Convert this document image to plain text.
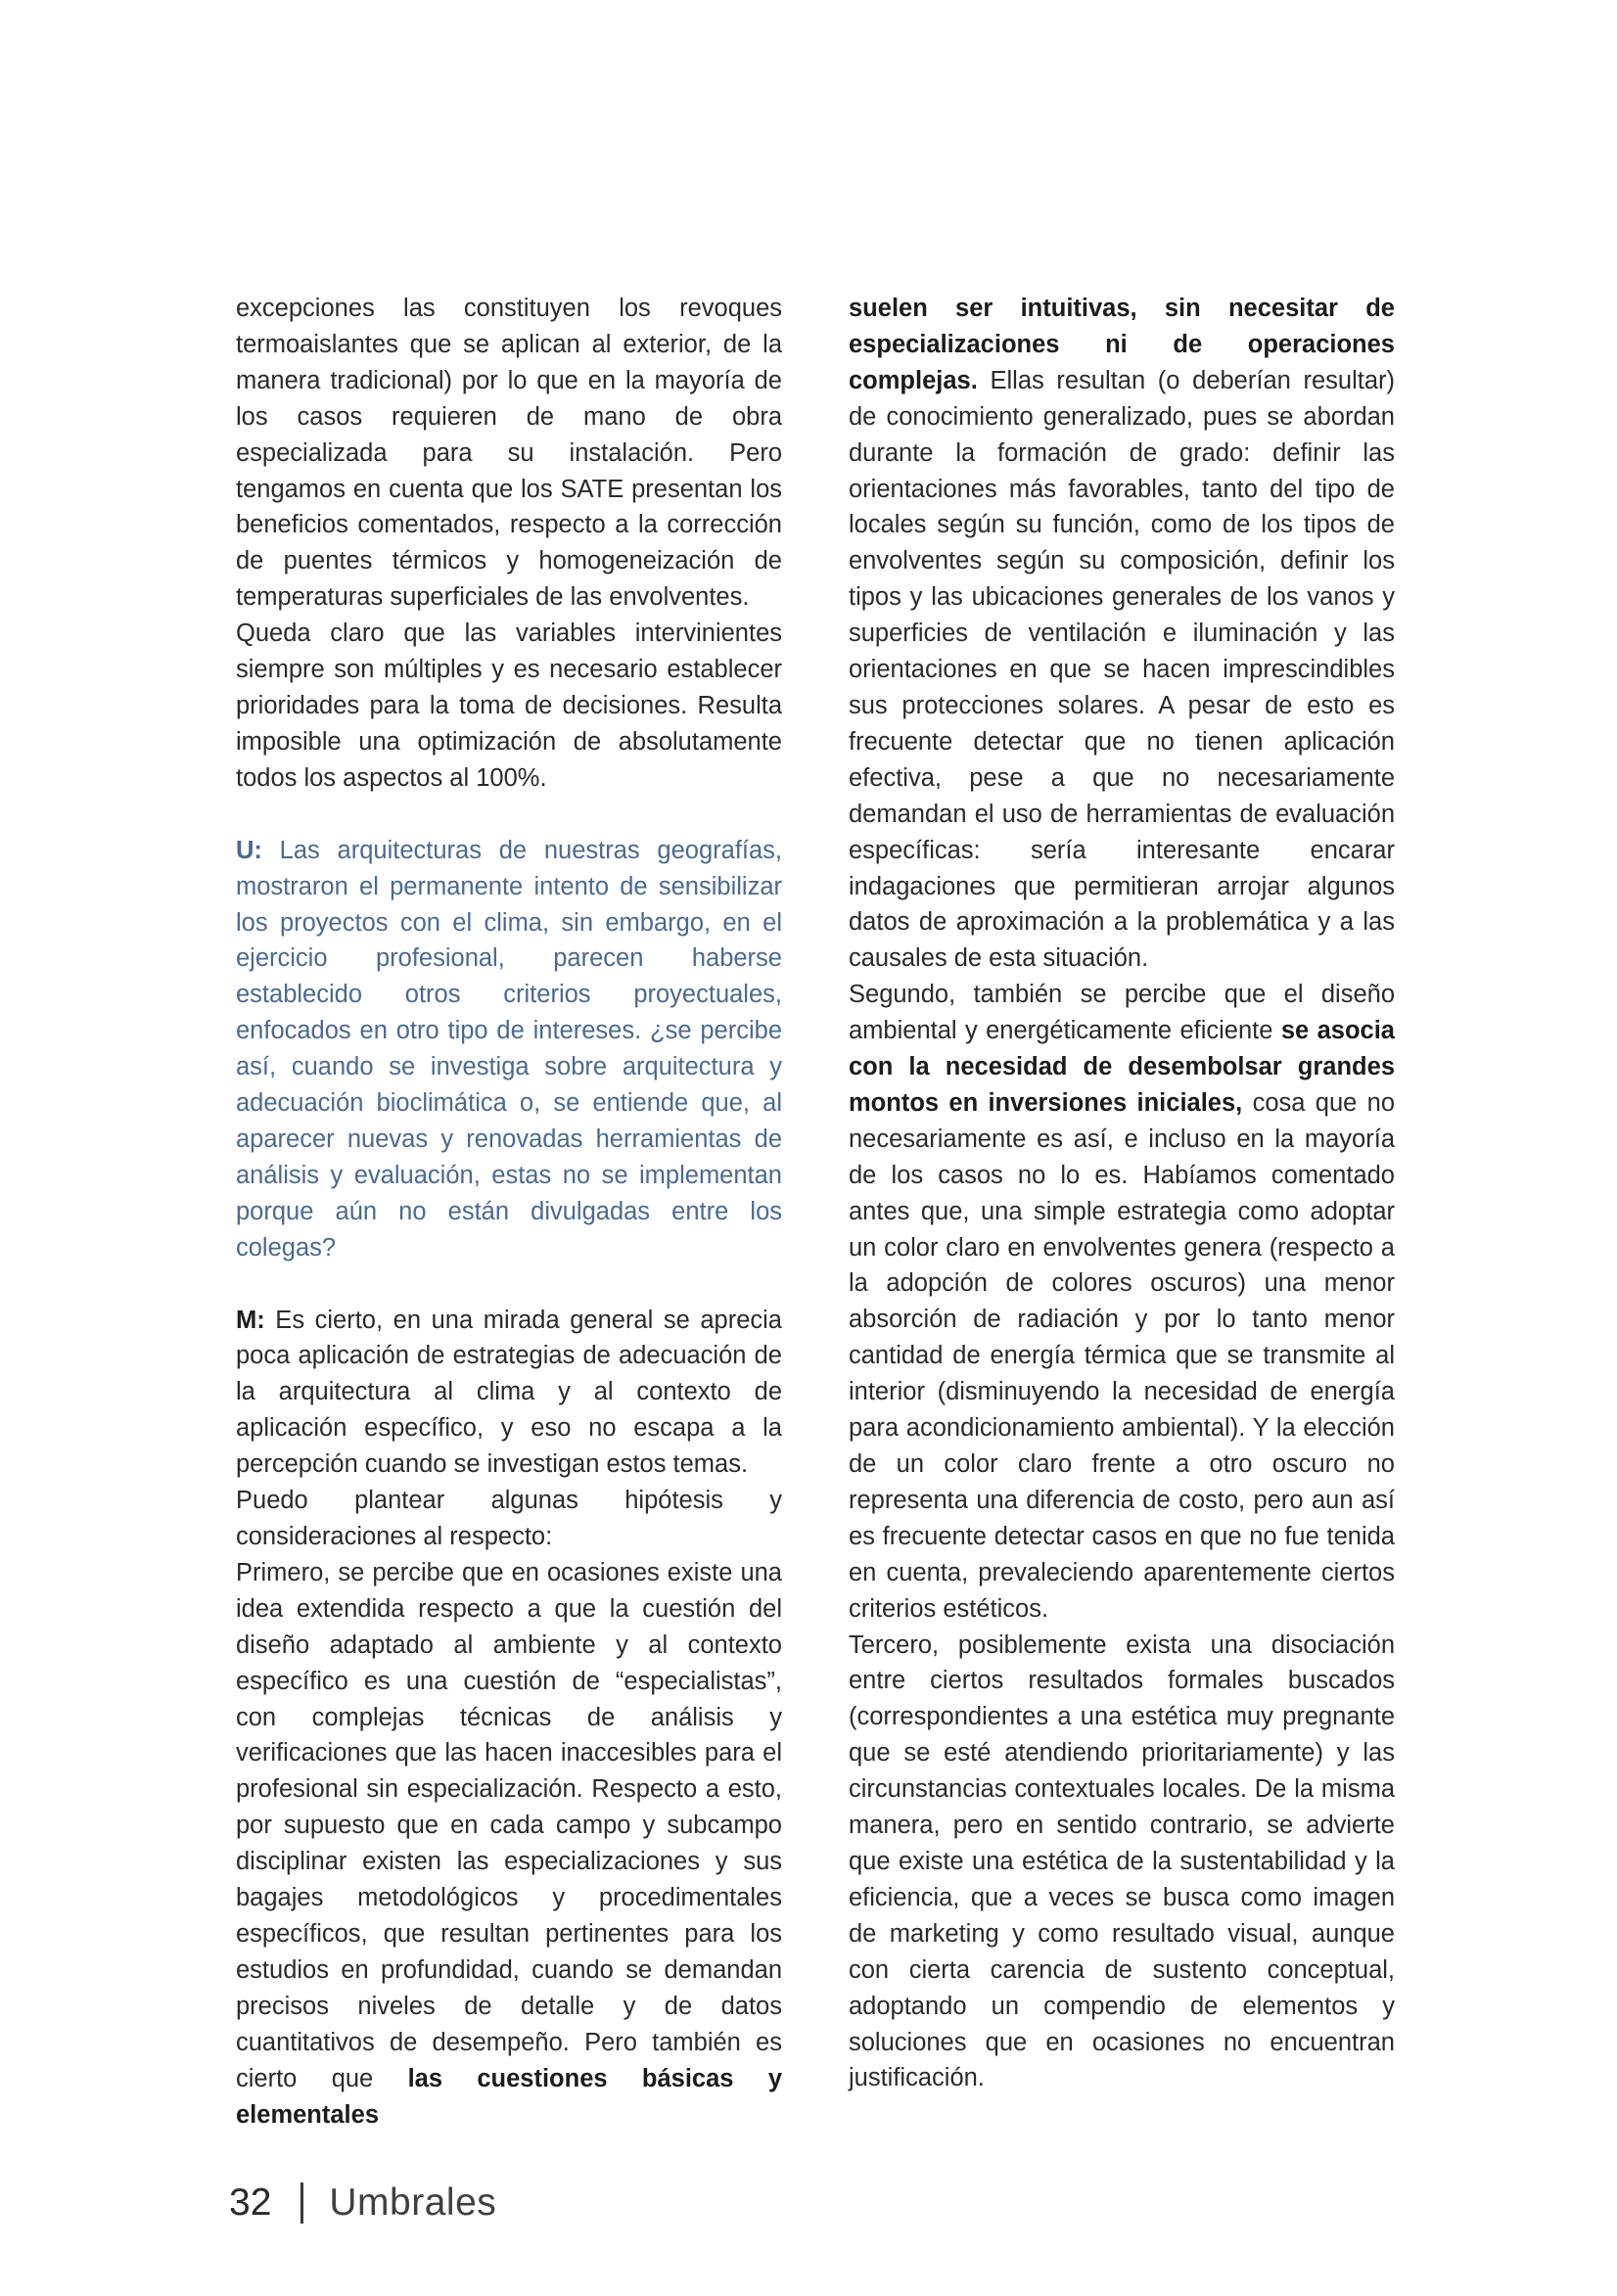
excepciones las constituyen los revoques termoaislantes que se aplican al exterior, de la manera tradicional) por lo que en la mayoría de los casos requieren de mano de obra especializada para su instalación. Pero tengamos en cuenta que los SATE presentan los beneficios comentados, respecto a la corrección de puentes térmicos y homogeneización de temperaturas superficiales de las envolventes.

Queda claro que las variables intervinientes siempre son múltiples y es necesario establecer prioridades para la toma de decisiones. Resulta imposible una optimización de absolutamente todos los aspectos al 100%.

U: Las arquitecturas de nuestras geografías, mostraron el permanente intento de sensibilizar los proyectos con el clima, sin embargo, en el ejercicio profesional, parecen haberse establecido otros criterios proyectuales, enfocados en otro tipo de intereses. ¿se percibe así, cuando se investiga sobre arquitectura y adecuación bioclimática o, se entiende que, al aparecer nuevas y renovadas herramientas de análisis y evaluación, estas no se implementan porque aún no están divulgadas entre los colegas?

M: Es cierto, en una mirada general se aprecia poca aplicación de estrategias de adecuación de la arquitectura al clima y al contexto de aplicación específico, y eso no escapa a la percepción cuando se investigan estos temas.

Puedo plantear algunas hipótesis y consideraciones al respecto:

Primero, se percibe que en ocasiones existe una idea extendida respecto a que la cuestión del diseño adaptado al ambiente y al contexto específico es una cuestión de “especialistas”, con complejas técnicas de análisis y verificaciones que las hacen inaccesibles para el profesional sin especialización. Respecto a esto, por supuesto que en cada campo y subcampo disciplinar existen las especializaciones y sus bagajes metodológicos y procedimentales específicos, que resultan pertinentes para los estudios en profundidad, cuando se demandan precisos niveles de detalle y de datos cuantitativos de desempeño. Pero también es cierto que las cuestiones básicas y elementales

suelen ser intuitivas, sin necesitar de especializaciones ni de operaciones complejas. Ellas resultan (o deberían resultar) de conocimiento generalizado, pues se abordan durante la formación de grado: definir las orientaciones más favorables, tanto del tipo de locales según su función, como de los tipos de envolventes según su composición, definir los tipos y las ubicaciones generales de los vanos y superficies de ventilación e iluminación y las orientaciones en que se hacen imprescindibles sus protecciones solares. A pesar de esto es frecuente detectar que no tienen aplicación efectiva, pese a que no necesariamente demandan el uso de herramientas de evaluación específicas: sería interesante encarar indagaciones que permitieran arrojar algunos datos de aproximación a la problemática y a las causales de esta situación.

Segundo, también se percibe que el diseño ambiental y energéticamente eficiente se asocia con la necesidad de desembolsar grandes montos en inversiones iniciales, cosa que no necesariamente es así, e incluso en la mayoría de los casos no lo es. Habíamos comentado antes que, una simple estrategia como adoptar un color claro en envolventes genera (respecto a la adopción de colores oscuros) una menor absorción de radiación y por lo tanto menor cantidad de energía térmica que se transmite al interior (disminuyendo la necesidad de energía para acondicionamiento ambiental). Y la elección de un color claro frente a otro oscuro no representa una diferencia de costo, pero aun así es frecuente detectar casos en que no fue tenida en cuenta, prevaleciendo aparentemente ciertos criterios estéticos.

Tercero, posiblemente exista una disociación entre ciertos resultados formales buscados (correspondientes a una estética muy pregnante que se esté atendiendo prioritariamente) y las circunstancias contextuales locales. De la misma manera, pero en sentido contrario, se advierte que existe una estética de la sustentabilidad y la eficiencia, que a veces se busca como imagen de marketing y como resultado visual, aunque con cierta carencia de sustento conceptual, adoptando un compendio de elementos y soluciones que en ocasiones no encuentran justificación.

32 Umbrales
